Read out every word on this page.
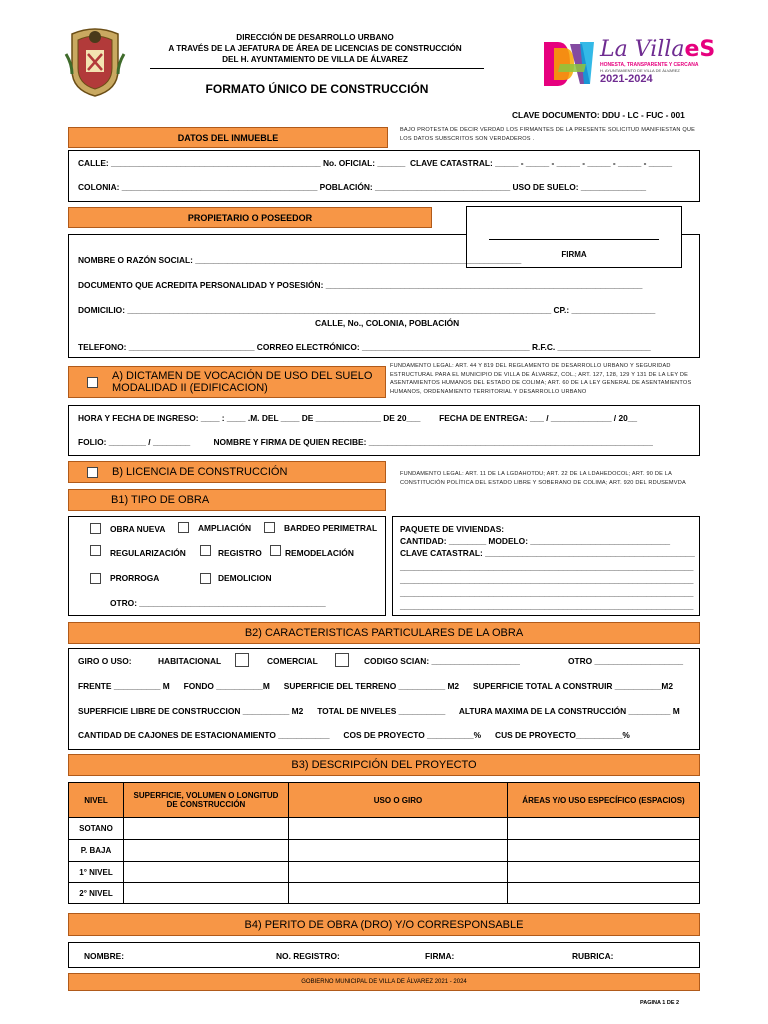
DIRECCIÓN DE DESARROLLO URBANO
A TRAVÉS DE LA JEFATURA DE ÁREA DE LICENCIAS DE CONSTRUCCIÓN
DEL H. AYUNTAMIENTO DE VILLA DE ÁLVAREZ
FORMATO ÚNICO DE CONSTRUCCIÓN
La VillaeS
HONESTA, TRANSPARENTE Y CERCANA
H. AYUNTAMIENTO DE VILLA DE ÁLVAREZ
2021-2024
CLAVE DOCUMENTO: DDU - LC - FUC - 001
DATOS DEL INMUEBLE
BAJO PROTESTA DE DECIR VERDAD LOS FIRMANTES DE LA PRESENTE SOLICITUD MANIFIESTAN QUE LOS DATOS SUBSCRITOS SON VERDADEROS .
CALLE: _____________________________________________ No. OFICIAL: ______  CLAVE CATASTRAL: _____ - _____ - _____ - _____ - _____ - _____
COLONIA: __________________________________________ POBLACIÓN: _____________________________ USO DE SUELO: ______________
PROPIETARIO O POSEEDOR
FIRMA
NOMBRE O RAZÓN SOCIAL: ______________________________________________________________________
DOCUMENTO QUE ACREDITA PERSONALIDAD Y POSESIÓN: ____________________________________________________________________
DOMICILIO: ___________________________________________________________________________________________ CP.: __________________
CALLE, No., COLONIA, POBLACIÓN
TELEFONO: ___________________________ CORREO ELECTRÓNICO: ____________________________________ R.F.C. ____________________
A) DICTAMEN DE VOCACIÓN DE USO DEL SUELO
MODALIDAD II (EDIFICACION)
FUNDAMENTO LEGAL: ART. 44 Y 819 DEL REGLAMENTO DE DESARROLLO URBANO Y SEGURIDAD ESTRUCTURAL PARA EL MUNICIPIO DE VILLA DE ÁLVAREZ, COL.; ART. 127, 128, 129 Y 131 DE LA LEY DE ASENTAMIENTOS HUMANOS DEL ESTADO DE COLIMA; ART. 60 DE LA LEY GENERAL DE ASENTAMIENTOS HUMANOS, ORDENAMIENTO TERRITORIAL Y DESARROLLO URBANO
HORA Y FECHA DE INGRESO: ____ : ____ .M. DEL ____ DE ______________ DE 20___        FECHA DE ENTREGA: ___ / _____________ / 20__
FOLIO: ________ / ________          NOMBRE Y FIRMA DE QUIEN RECIBE: _____________________________________________________________
B) LICENCIA DE CONSTRUCCIÓN	FUNDAMENTO LEGAL: ART. 11 DE LA LGDAHOTDU; ART. 22 DE LA LDAHEDOCOL; ART. 90 DE LA CONSTITUCIÓN POLÍTICA DEL ESTADO LIBRE Y SOBERANO DE COLIMA; ART. 920 DEL RDUSEMVDA
B1) TIPO DE OBRA
OBRA NUEVA	AMPLIACIÓN	BARDEO PERIMETRAL
REGULARIZACIÓN	REGISTRO	REMODELACIÓN
PRORROGA	DEMOLICION
OTRO: ________________________________________
PAQUETE DE VIVIENDAS:
CANTIDAD: ________ MODELO: ______________________________
CLAVE CATASTRAL: _____________________________________________
_______________________________________________________________
_______________________________________________________________
_______________________________________________________________
_______________________________________________________________
B2) CARACTERISTICAS PARTICULARES DE LA OBRA
GIRO O USO:	HABITACIONAL	COMERCIAL	CODIGO SCIAN: ___________________	OTRO ___________________
FRENTE __________ M      FONDO __________M      SUPERFICIE DEL TERRENO __________ M2      SUPERFICIE TOTAL A CONSTRUIR __________M2
SUPERFICIE LIBRE DE CONSTRUCCION __________ M2      TOTAL DE NIVELES __________      ALTURA MAXIMA DE LA CONSTRUCCIÓN _________ M
CANTIDAD DE CAJONES DE ESTACIONAMIENTO ___________      COS DE PROYECTO __________%      CUS DE PROYECTO__________%
B3) DESCRIPCIÓN DEL PROYECTO
NIVEL	SUPERFICIE, VOLUMEN O LONGITUD DE CONSTRUCCIÓN	USO O GIRO	ÁREAS Y/O USO ESPECÍFICO (ESPACIOS)
SOTANO			
P. BAJA			
1° NIVEL			
2° NIVEL			
B4) PERITO DE OBRA (DRO) Y/O CORRESPONSABLE
NOMBRE:	NO. REGISTRO:	FIRMA:	RUBRICA:
GOBIERNO MUNICIPAL DE VILLA DE ÁLVAREZ 2021 - 2024
PAGINA 1 DE 2
